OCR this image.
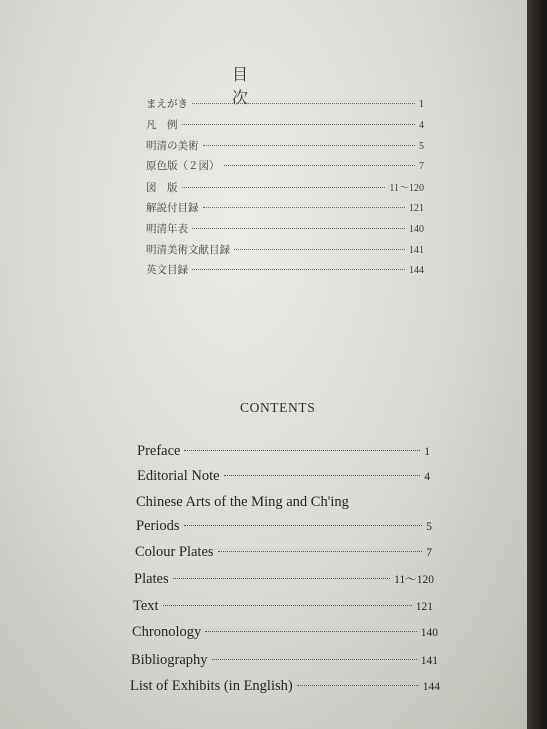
目　次
まえがき	1
凡　例	4
明清の美術	5
原色版（２図）	7
図　版	11～120
解説付目録	121
明清年表	140
明清美術文献目録	141
英文目録	144
CONTENTS
Preface	1
Editorial Note	4
Chinese Arts of the Ming and Ch'ing
Periods	5
Colour Plates	7
Plates	11～120
Text	121
Chronology	140
Bibliography	141
List of Exhibits (in English)	144
